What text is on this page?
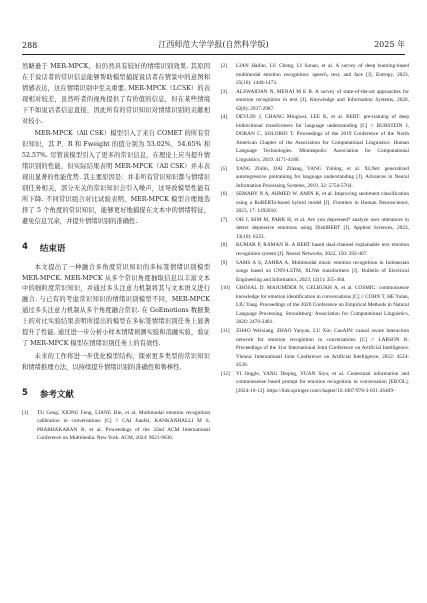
288	江西师范大学学报(自然科学版)	2025 年

然略逊于 MER-MPCK，但仍然具有较好的情绪识别效果. 其原因在于说话者的常识信息能够帮助模型捕捉说话者在情景中的意图和情感表达，这在情绪识别中至关重要. MER-MPCK（LCSK）的表现相对较差，虽然听者的视角提供了有价值的信息，但在某些情境下不如说话者信息直接，因此所有的常识知识对情绪识别的贡献相对较小.

MER-MPCK（All CSK）模型引入了来自 COMET 的所有常识知识，其 P、R 和 Fweight 的值分别为 53.02%、54.65% 和 52.57%. 尽管该模型引入了更多的常识信息，在理论上应当提升情绪识别的性能，但实际结果表明 MER-MPCK（All CSK）并未表现出显著的性能优势. 其主要原因是：并非所有常识知识都与情绪识别任务相关，部分无关的常识知识会引入噪声，这导致模型性能有所下降. 不同常识组合对比试验表明，MER-MPCK 模型合理地选择了 5 个角度的常识知识，能够更好地捕捉在文本中的情绪特征，避免信息冗余，并提升情绪识别的准确性.

4 结束语

本文提出了一种融合多角度常识知识的多标签情绪识别模型 MER-MPCK. MER-MPCK 从多个常识角度抽取信息以丰富文本中的细粒度常识知识，并通过多头注意力机制将其与文本语义进行融合. 与已有的考虑常识知识的情绪识别模型不同，MER-MPCK 通过多头注意力机制从多个角度融合常识. 在 GoEmotions 数据集上的对比实验结果表明所提出的模型在多标签情绪识别任务上显著提升了性能. 通过进一步分析小样本情绪预测实验和消融实验，验证了 MER-MPCK 模型在情绪识别任务上的有效性.

未来的工作将进一步优化模型结构，探索更多类型的常识知识和情绪推理方法，以持续提升情绪识别的准确性和鲁棒性.

5 参考文献
[1]	TU Geng, XIONG Feng, LIANG Bin, et al. Multimodal emotion recognition calibration in conversations [C] // CAI Jianfei, KANKANHALLI M S, PRABHAKARAN B, et al. Proceedings of the 32nd ACM International Conference on Multimedia. New York: ACM, 2024: 9621-9630.
[2]	LIAN Haifan, LU Cheng, LI Sunan, et al. A survey of deep learning-based multimodal emotion recognition: speech, text, and face [J]. Entropy, 2023, 25(10): 1440-1473.
[3]	ALSWAIDAN N, MENAI M E B. A survey of state-of-the-art approaches for emotion recognition in text [J]. Knowledge and Information Systems, 2020, 62(8): 2937-2987.
[4]	DEVLIN J, CHANG Mingwei, LEE K, et al. BERT: pre-training of deep bidirectional transformers for language understanding [C] // BURSTEIN J, DORAN C, SOLORIO T. Proceedings of the 2019 Conference of the North American Chapter of the Association for Computational Linguistics: Human Language Technologies. Minneapolis: Association for Computational Linguistics, 2019: 4171-4186.
[5]	YANG Zhilin, DAI Zihang, YANG Yiming, et al. XLNet: generalized autoregressive pretraining for language understanding [J]. Advances in Neural Information Processing Systems, 2019, 32: 5754-5764.
[6]	SEMARY N A, AHMED W, AMIN K, et al. Improving sentiment classification using a RoBERTa-based hybrid model [J]. Frontiers in Human Neuroscience, 2023, 17: 1292010.
[7]	OH J, KIM M, PARK H, et al. Are you depressed? analyze user utterances to detect depressive emotions using DistilBERT [J]. Applied Sciences, 2023, 13(10): 6223.
[8]	KUMAR P, RAMAN B. A BERT based dual-channel explainable text emotion recognition system [J]. Neural Networks, 2022, 150: 392-407.
[9]	SAMS A S, ZAHRA A. Multimodal music emotion recognition in Indonesian songs based on CNN-LSTM, XLNet transformers [J]. Bulletin of Electrical Engineering and Informatics, 2023, 12(1): 355-364.
[10]	GHOSAL D, MAJUMDER N, GELBUKH A, et al. COSMIC: commonsense knowledge for emotion identification in conversations [C] // COHN T, HE Yulan, LIU Yang. Proceedings of the 2020 Conference on Empirical Methods in Natural Language Processing. Stroudsburg: Association for Computational Linguistics, 2020: 2470-2481.
[11]	ZHAO Weixiang, ZHAO Yanyan, LU Xin. CauAIN: causal aware interaction network for emotion recognition in conversations [C] // LARSON K. Proceedings of the 31st International Joint Conference on Artificial Intelligence. Vienna: International Joint Conference on Artificial Intelligence, 2022: 4524-4530.
[12]	YI Jingjie, YANG Deqing, YUAN Siyu, et al. Contextual information and commonsense based prompt for emotion recognition in conversation [EB/OL]. [2024-10-12]. https://link.springer.com/chapter/10.1007/978-3-031-26409-
